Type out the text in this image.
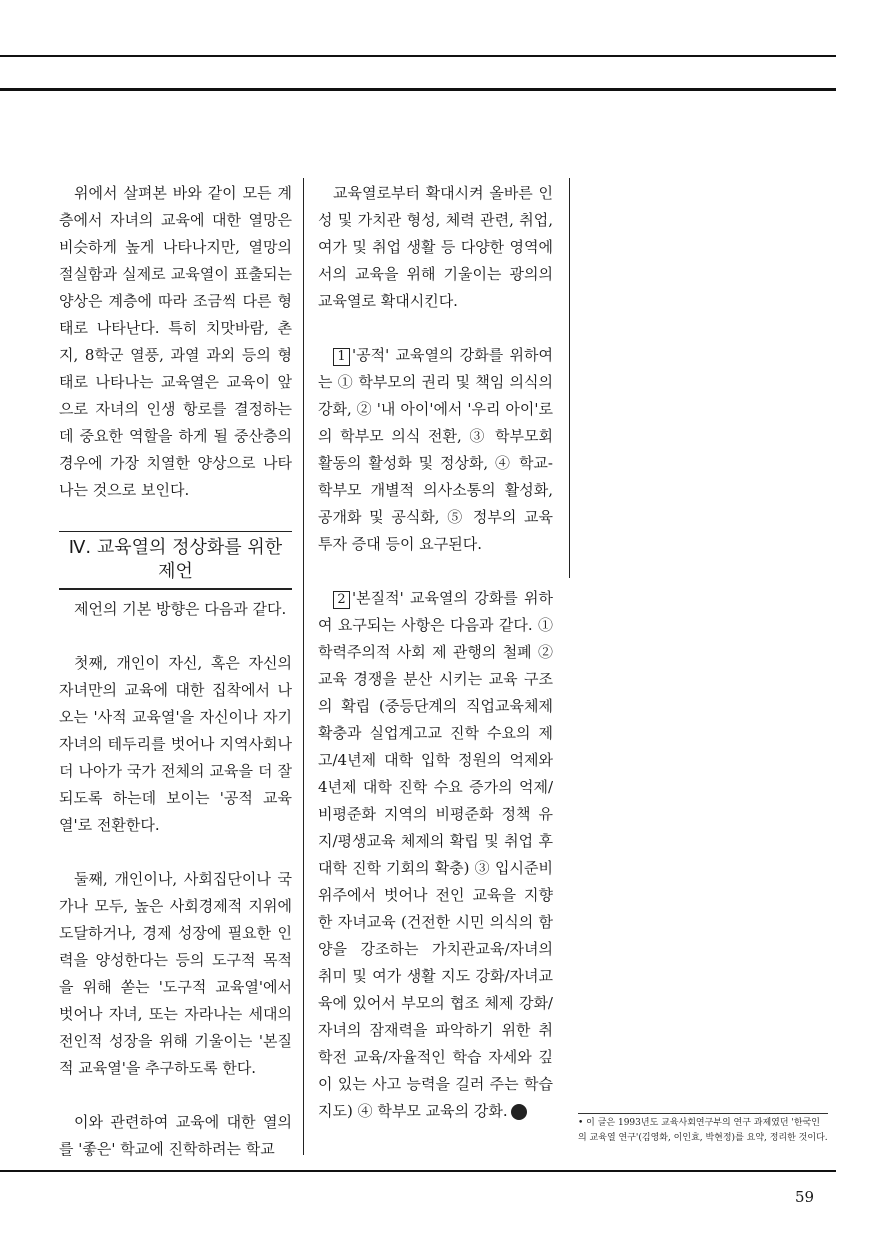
위에서 살펴본 바와 같이 모든 계층에서 자녀의 교육에 대한 열망은 비슷하게 높게 나타나지만, 열망의 절실함과 실제로 교육열이 표출되는 양상은 계층에 따라 조금씩 다른 형태로 나타난다. 특히 치맛바람, 촌지, 8학군 열풍, 과열 과외 등의 형태로 나타나는 교육열은 교육이 앞으로 자녀의 인생 항로를 결정하는데 중요한 역할을 하게 될 중산층의 경우에 가장 치열한 양상으로 나타나는 것으로 보인다.

Ⅳ. 교육열의 정상화를 위한 제언

제언의 기본 방향은 다음과 같다.

첫째, 개인이 자신, 혹은 자신의 자녀만의 교육에 대한 집착에서 나오는 '사적 교육열'을 자신이나 자기 자녀의 테두리를 벗어나 지역사회나 더 나아가 국가 전체의 교육을 더 잘 되도록 하는데 보이는 '공적 교육열'로 전환한다.

둘째, 개인이나, 사회집단이나 국가나 모두, 높은 사회경제적 지위에 도달하거나, 경제 성장에 필요한 인력을 양성한다는 등의 도구적 목적을 위해 쏟는 '도구적 교육열'에서 벗어나 자녀, 또는 자라나는 세대의 전인적 성장을 위해 기울이는 '본질적 교육열'을 추구하도록 한다.

이와 관련하여 교육에 대한 열의를 '좋은' 학교에 진학하려는 학교

교육열로부터 확대시켜 올바른 인성 및 가치관 형성, 체력 관련, 취업, 여가 및 취업 생활 등 다양한 영역에서의 교육을 위해 기울이는 광의의 교육열로 확대시킨다.

1 '공적' 교육열의 강화를 위하여는 ① 학부모의 권리 및 책임 의식의 강화, ② '내 아이'에서 '우리 아이'로의 학부모 의식 전환, ③ 학부모회 활동의 활성화 및 정상화, ④ 학교-학부모 개별적 의사소통의 활성화, 공개화 및 공식화, ⑤ 정부의 교육 투자 증대 등이 요구된다.

2 '본질적' 교육열의 강화를 위하여 요구되는 사항은 다음과 같다. ① 학력주의적 사회 제 관행의 철폐 ② 교육 경쟁을 분산 시키는 교육 구조의 확립 (중등단계의 직업교육체제 확충과 실업계고교 진학 수요의 제고/4년제 대학 입학 정원의 억제와 4년제 대학 진학 수요 증가의 억제/비평준화 지역의 비평준화 정책 유지/평생교육 체제의 확립 및 취업 후 대학 진학 기회의 확충) ③ 입시준비 위주에서 벗어나 전인 교육을 지향한 자녀교육 (건전한 시민 의식의 함양을 강조하는 가치관교육/자녀의 취미 및 여가 생활 지도 강화/자녀교육에 있어서 부모의 협조 체제 강화/자녀의 잠재력을 파악하기 위한 취학전 교육/자율적인 학습 자세와 깊이 있는 사고 능력을 길러 주는 학습 지도) ④ 학부모 교육의 강화.

• 이 글은 1993년도 교육사회연구부의 연구 과제였던 '한국인의 교육열 연구'(김영화, 이인효, 박현정)를 요약, 정리한 것이다.
59
